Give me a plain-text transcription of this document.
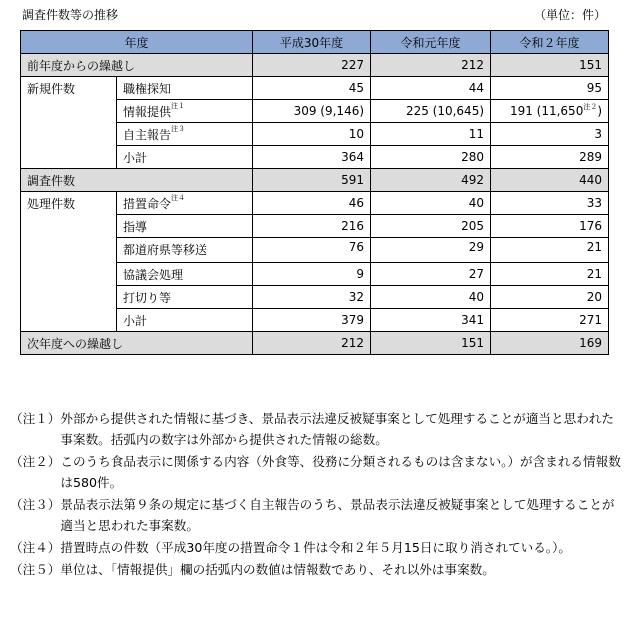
調査件数等の推移	（単位：件）
年度		平成30年度	令和元年度	令和２年度
前年度からの繰越し		227	212	151
新規件数	職権探知	45	44	95
	情報提供$^{注1}$	309 (9,146)	225 (10,645)	191 (11,650$^{注2}$)
	自主報告$^{注3}$	10	11	3
	小計	364	280	289
調査件数		591	492	440
処理件数	措置命令$^{注4}$	46	40	33
	指導	216	205	176
	都道府県等移送	76	29	21
	協議会処理	9	27	21
	打切り等	32	40	20
	小計	379	341	271
次年度への繰越し		212	151	169
（注１） 外部から提供された情報に基づき、景品表示法違反被疑事案として処理することが適当と思われた事案数。括弧内の数字は外部から提供された情報の総数。
（注２） このうち食品表示に関係する内容（外食等、役務に分類されるものは含まない。）が含まれる情報数は580件。
（注３） 景品表示法第９条の規定に基づく自主報告のうち、景品表示法違反被疑事案として処理することが適当と思われた事案数。
（注４） 措置時点の件数（平成30年度の措置命令１件は令和２年５月15日に取り消されている。）。
（注５） 単位は、「情報提供」欄の括弧内の数値は情報数であり、それ以外は事案数。
